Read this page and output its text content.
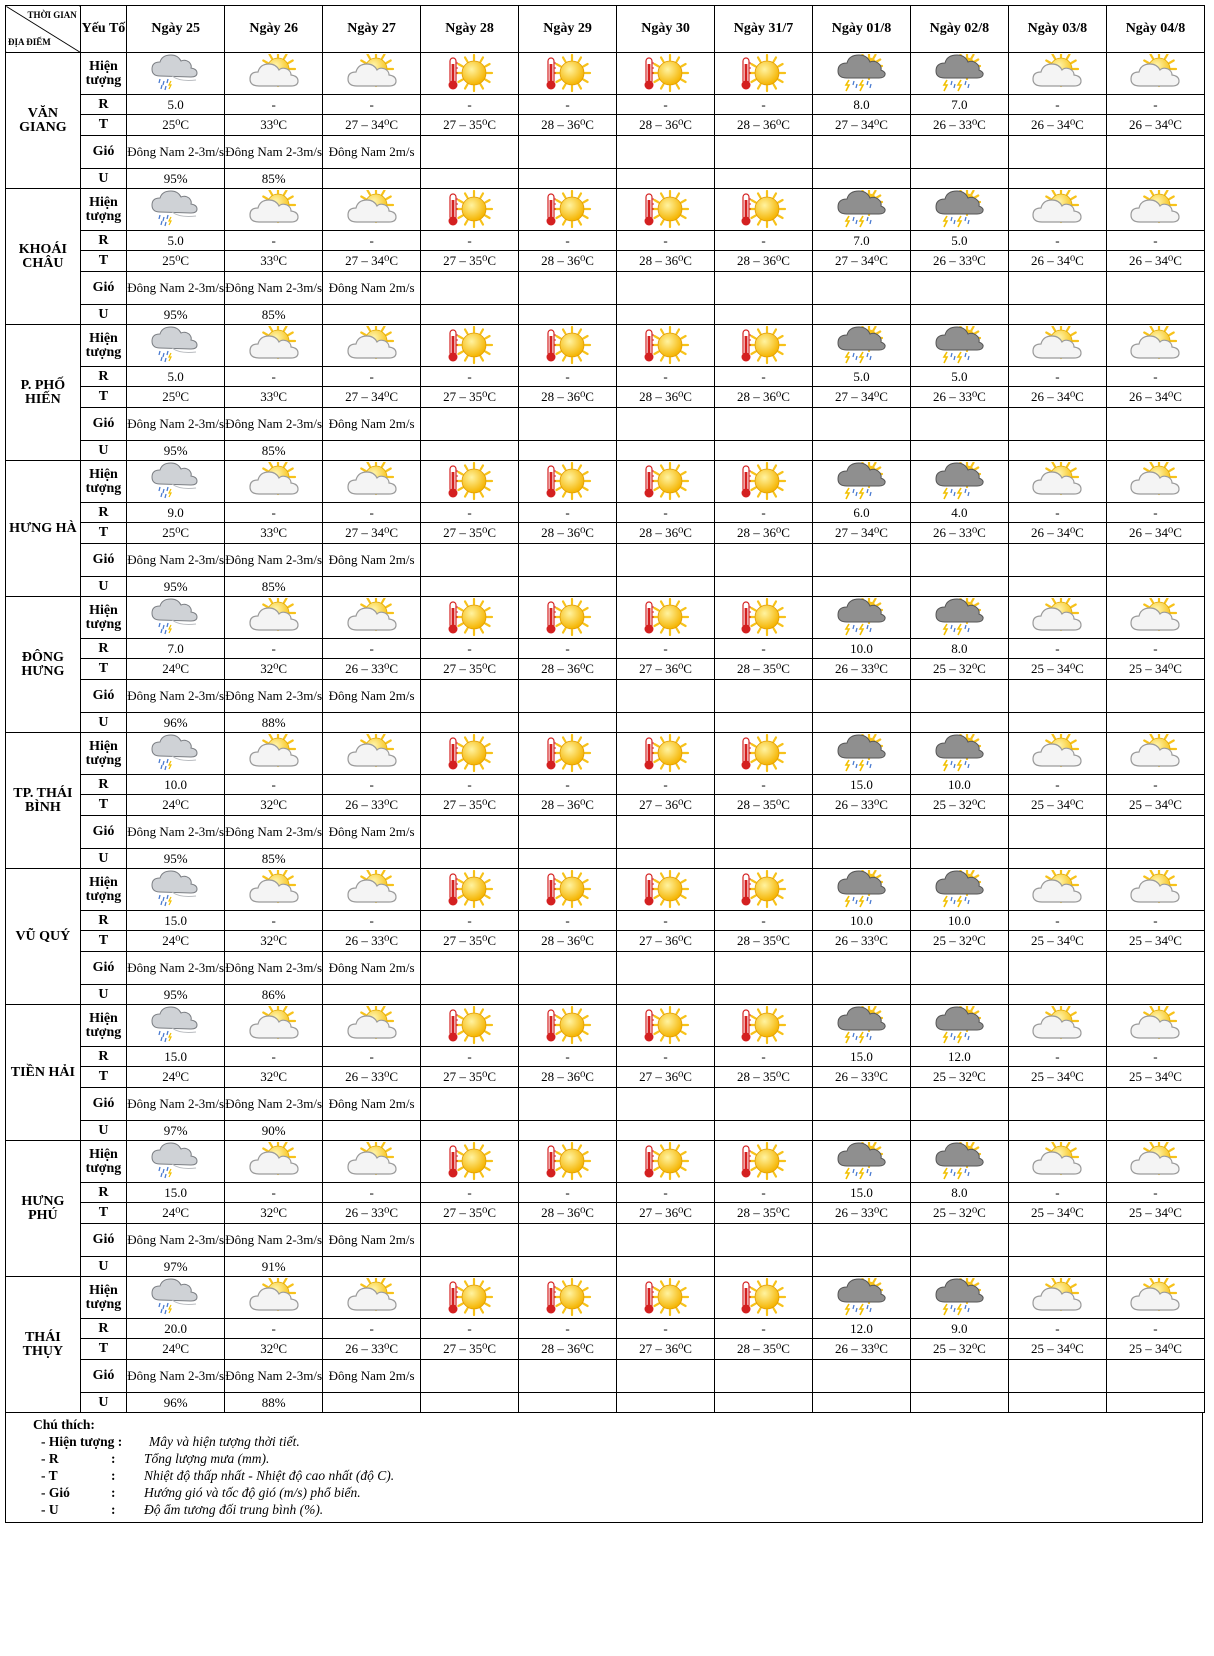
THỜI GIAN
ĐỊA ĐIỂM	Yếu Tố	Ngày 25	Ngày 26	Ngày 27	Ngày 28	Ngày 29	Ngày 30	Ngày 31/7	Ngày 01/8	Ngày 02/8	Ngày 03/8	Ngày 04/8
VĂN GIANG	Hiện tượng											
	R	5.0	-	-	-	-	-	-	8.0	7.0	-	-
	T	25⁰C	33⁰C	27 – 34⁰C	27 – 35⁰C	28 – 36⁰C	28 – 36⁰C	28 – 36⁰C	27 – 34⁰C	26 – 33⁰C	26 – 34⁰C	26 – 34⁰C
	Gió	Đông Nam 2-3m/s	Đông Nam 2-3m/s	Đông Nam 2m/s								
	U	95%	85%									
KHOÁI CHÂU	Hiện tượng											
	R	5.0	-	-	-	-	-	-	7.0	5.0	-	-
	T	25⁰C	33⁰C	27 – 34⁰C	27 – 35⁰C	28 – 36⁰C	28 – 36⁰C	28 – 36⁰C	27 – 34⁰C	26 – 33⁰C	26 – 34⁰C	26 – 34⁰C
	Gió	Đông Nam 2-3m/s	Đông Nam 2-3m/s	Đông Nam 2m/s								
	U	95%	85%									
P. PHỐ HIẾN	Hiện tượng											
	R	5.0	-	-	-	-	-	-	5.0	5.0	-	-
	T	25⁰C	33⁰C	27 – 34⁰C	27 – 35⁰C	28 – 36⁰C	28 – 36⁰C	28 – 36⁰C	27 – 34⁰C	26 – 33⁰C	26 – 34⁰C	26 – 34⁰C
	Gió	Đông Nam 2-3m/s	Đông Nam 2-3m/s	Đông Nam 2m/s								
	U	95%	85%									
HƯNG HÀ	Hiện tượng											
	R	9.0	-	-	-	-	-	-	6.0	4.0	-	-
	T	25⁰C	33⁰C	27 – 34⁰C	27 – 35⁰C	28 – 36⁰C	28 – 36⁰C	28 – 36⁰C	27 – 34⁰C	26 – 33⁰C	26 – 34⁰C	26 – 34⁰C
	Gió	Đông Nam 2-3m/s	Đông Nam 2-3m/s	Đông Nam 2m/s								
	U	95%	85%									
ĐÔNG HƯNG	Hiện tượng											
	R	7.0	-	-	-	-	-	-	10.0	8.0	-	-
	T	24⁰C	32⁰C	26 – 33⁰C	27 – 35⁰C	28 – 36⁰C	27 – 36⁰C	28 – 35⁰C	26 – 33⁰C	25 – 32⁰C	25 – 34⁰C	25 – 34⁰C
	Gió	Đông Nam 2-3m/s	Đông Nam 2-3m/s	Đông Nam 2m/s								
	U	96%	88%									
TP. THÁI BÌNH	Hiện tượng											
	R	10.0	-	-	-	-	-	-	15.0	10.0	-	-
	T	24⁰C	32⁰C	26 – 33⁰C	27 – 35⁰C	28 – 36⁰C	27 – 36⁰C	28 – 35⁰C	26 – 33⁰C	25 – 32⁰C	25 – 34⁰C	25 – 34⁰C
	Gió	Đông Nam 2-3m/s	Đông Nam 2-3m/s	Đông Nam 2m/s								
	U	95%	85%									
VŨ QUÝ	Hiện tượng											
	R	15.0	-	-	-	-	-	-	10.0	10.0	-	-
	T	24⁰C	32⁰C	26 – 33⁰C	27 – 35⁰C	28 – 36⁰C	27 – 36⁰C	28 – 35⁰C	26 – 33⁰C	25 – 32⁰C	25 – 34⁰C	25 – 34⁰C
	Gió	Đông Nam 2-3m/s	Đông Nam 2-3m/s	Đông Nam 2m/s								
	U	95%	86%									
TIỀN HẢI	Hiện tượng											
	R	15.0	-	-	-	-	-	-	15.0	12.0	-	-
	T	24⁰C	32⁰C	26 – 33⁰C	27 – 35⁰C	28 – 36⁰C	27 – 36⁰C	28 – 35⁰C	26 – 33⁰C	25 – 32⁰C	25 – 34⁰C	25 – 34⁰C
	Gió	Đông Nam 2-3m/s	Đông Nam 2-3m/s	Đông Nam 2m/s								
	U	97%	90%									
HƯNG PHÚ	Hiện tượng											
	R	15.0	-	-	-	-	-	-	15.0	8.0	-	-
	T	24⁰C	32⁰C	26 – 33⁰C	27 – 35⁰C	28 – 36⁰C	27 – 36⁰C	28 – 35⁰C	26 – 33⁰C	25 – 32⁰C	25 – 34⁰C	25 – 34⁰C
	Gió	Đông Nam 2-3m/s	Đông Nam 2-3m/s	Đông Nam 2m/s								
	U	97%	91%									
THÁI THỤY	Hiện tượng											
	R	20.0	-	-	-	-	-	-	12.0	9.0	-	-
	T	24⁰C	32⁰C	26 – 33⁰C	27 – 35⁰C	28 – 36⁰C	27 – 36⁰C	28 – 35⁰C	26 – 33⁰C	25 – 32⁰C	25 – 34⁰C	25 – 34⁰C
	Gió	Đông Nam 2-3m/s	Đông Nam 2-3m/s	Đông Nam 2m/s								
	U	96%	88%									
Chú thích:
- Hiện tượng : Mây và hiện tượng thời tiết.
- R	: Tổng lượng mưa (mm).
- T	: Nhiệt độ thấp nhất - Nhiệt độ cao nhất (độ C).
- Gió	: Hướng gió và tốc độ gió (m/s) phổ biến.
- U	: Độ ẩm tương đối trung bình (%).
